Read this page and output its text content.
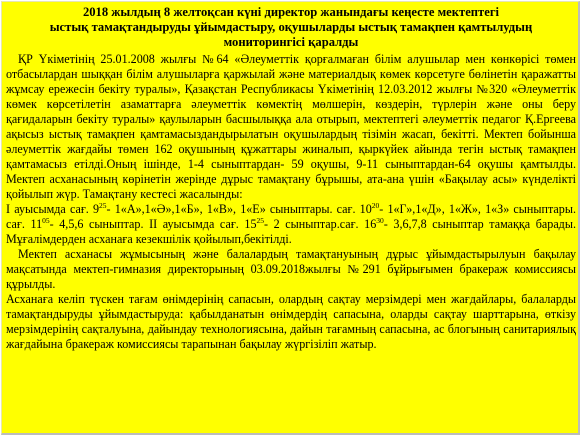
2018 жылдың 8 желтоқсан күні директор жанындағы кеңесте мектептегі
ыстық тамақтандыруды ұйымдастыру, оқушыларды ыстық тамақпен қамтылудың
мониторингісі қаралды

ҚР Үкіметінің 25.01.2008 жылғы №64 «Әлеуметтік қорғалмаған білім алушылар мен көнкөрісі төмен отбасылардан шыққан білім алушыларға қаржылай және материалдық көмек көрсетуге бөлінетін қаражатты жұмсау ережесін бекіту туралы», Қазақстан Республикасы Үкіметінің 12.03.2012 жылғы №320 «Әлеуметтік көмек көрсетілетін азаматтарға әлеуметтік көмектің мөлшерін, көздерін, түрлерін және оны беру қағидаларын бекіту туралы» қаулыларын басшылыққа ала отырып, мектептегі әлеуметтік педагог Қ.Ергеева ақысыз ыстық тамақпен қамтамасыздандырылатын оқушылардың тізімін жасап, бекітті. Мектеп бойынша әлеуметтік жағдайы төмен 162 оқушының құжаттары жиналып, қыркүйек айында тегін ыстық тамақпен қамтамасыз етілді.Оның ішінде, 1-4 сыныптардан- 59 оқушы, 9-11 сыныптардан-64 оқушы қамтылды. Мектеп асханасының көрінетін жерінде дұрыс тамақтану бұрышы, ата-ана үшін «Бақылау асы» күнделікті қойылып жүр. Тамақтану кестесі жасалынды:

І ауысымда сағ. $9^{25}-$ 1«А»,1«Ә»,1«Б», 1«В», 1«Е» сыныптары. сағ. $10^{20}-$ 1«Г»,1«Д», 1«Ж», 1«З» сыныптары. сағ. $11^{05}-$ 4,5,6 сыныптар. ІІ ауысымда сағ. $15^{25}-$ 2 сыныптар.сағ. $16^{30}-$ 3,6,7,8 сыныптар тамаққа барады. Мұғалімдерден асханаға кезекшілік қойылып,бекітілді.

Мектеп асханасы жұмысының және балалардың тамақтануының дұрыс ұйымдастырылуын бақылау мақсатында мектеп-гимназия директорының 03.09.2018жылғы №291 бұйрығымен бракераж комиссиясы құрылды.

Асханаға келіп түскен тағам өнімдерінің сапасын, олардың сақтау мерзімдері мен жағдайлары, балаларды тамақтандыруды ұйымдастыруда: қабылданатын өнімдердің сапасына, оларды сақтау шарттарына, өткізу мерзімдерінің сақталуына, дайындау технологиясына, дайын тағамның сапасына, ас блогының санитариялық жағдайына бракераж комиссиясы тарапынан бақылау жүргізіліп жатыр.
